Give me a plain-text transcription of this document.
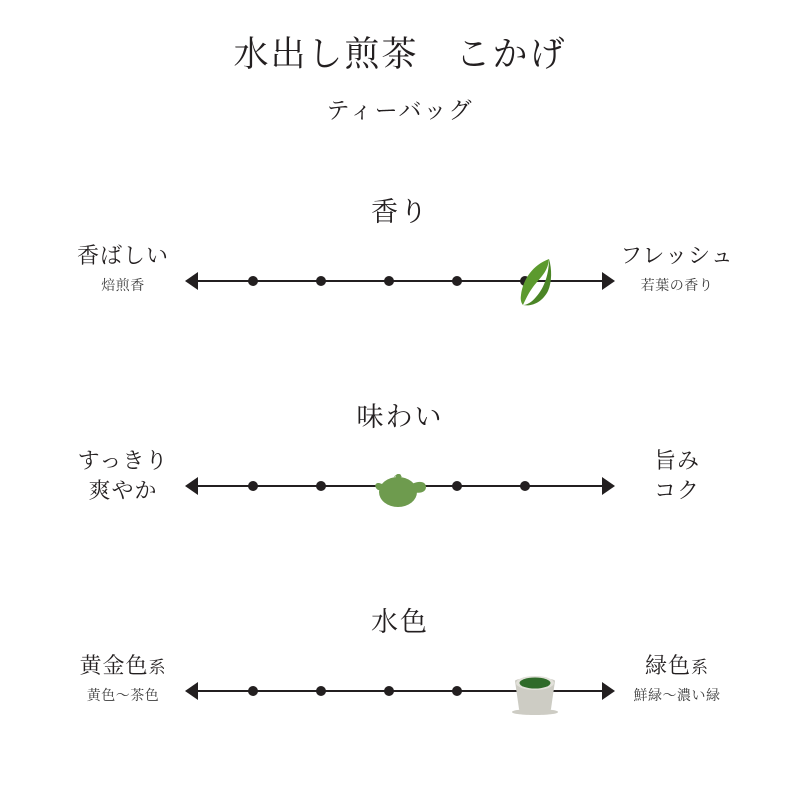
水出し煎茶　こかげ
ティーバッグ
香り
香ばしい
焙煎香
フレッシュ
若葉の香り
味わい
すっきり
爽やか
旨み
コク
水色
黄金色系
黄色〜茶色
緑色系
鮮緑〜濃い緑
